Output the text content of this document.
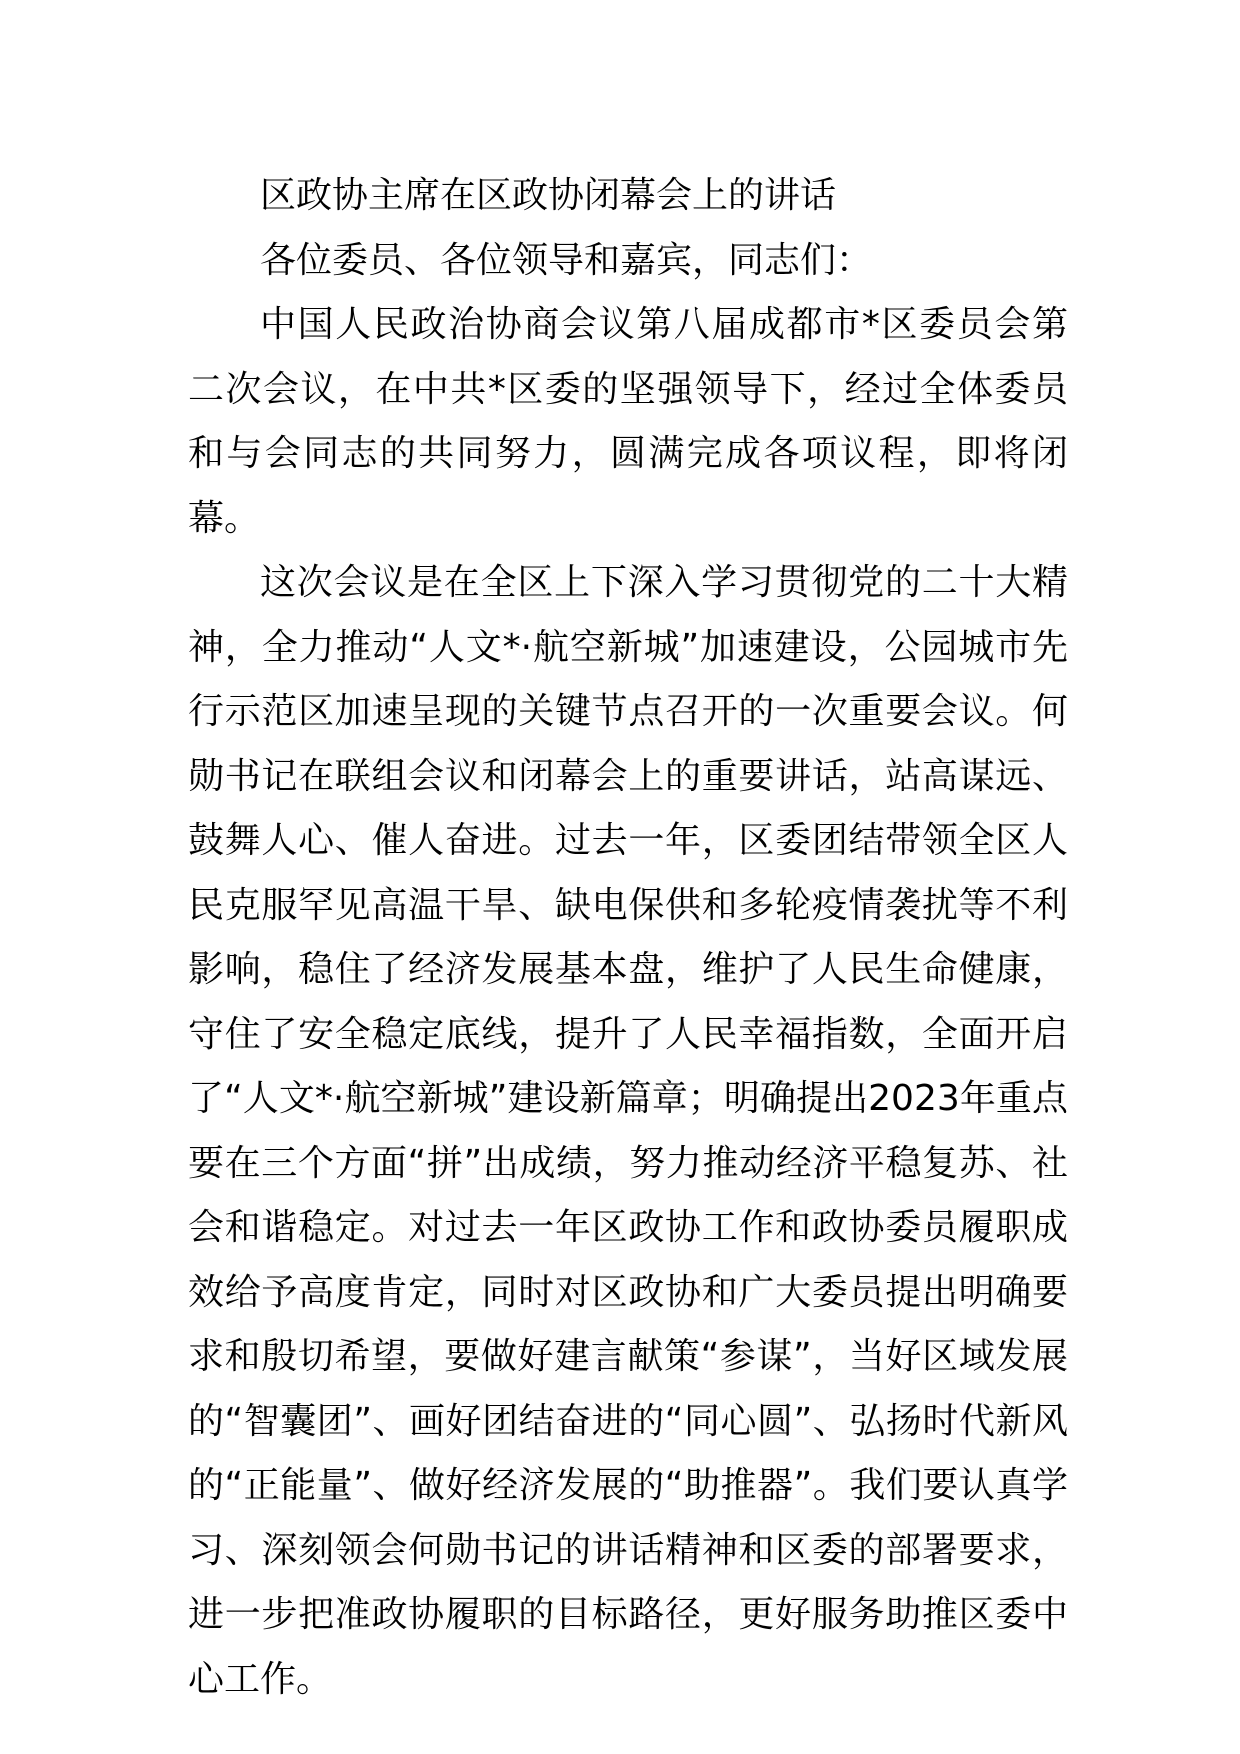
区政协主席在区政协闭幕会上的讲话

各位委员、各位领导和嘉宾，同志们：

中国人民政治协商会议第八届成都市*区委员会第二次会议，在中共*区委的坚强领导下，经过全体委员和与会同志的共同努力，圆满完成各项议程，即将闭幕。

这次会议是在全区上下深入学习贯彻党的二十大精神，全力推动“人文*·航空新城”加速建设，公园城市先行示范区加速呈现的关键节点召开的一次重要会议。何勋书记在联组会议和闭幕会上的重要讲话，站高谋远、鼓舞人心、催人奋进。过去一年，区委团结带领全区人民克服罕见高温干旱、缺电保供和多轮疫情袭扰等不利影响，稳住了经济发展基本盘，维护了人民生命健康，守住了安全稳定底线，提升了人民幸福指数，全面开启了“人文*·航空新城”建设新篇章；明确提出2023年重点要在三个方面“拼”出成绩，努力推动经济平稳复苏、社会和谐稳定。对过去一年区政协工作和政协委员履职成效给予高度肯定，同时对区政协和广大委员提出明确要求和殷切希望，要做好建言献策“参谋”，当好区域发展的“智囊团”、画好团结奋进的“同心圆”、弘扬时代新风的“正能量”、做好经济发展的“助推器”。我们要认真学习、深刻领会何勋书记的讲话精神和区委的部署要求，进一步把准政协履职的目标路径，更好服务助推区委中心工作。
